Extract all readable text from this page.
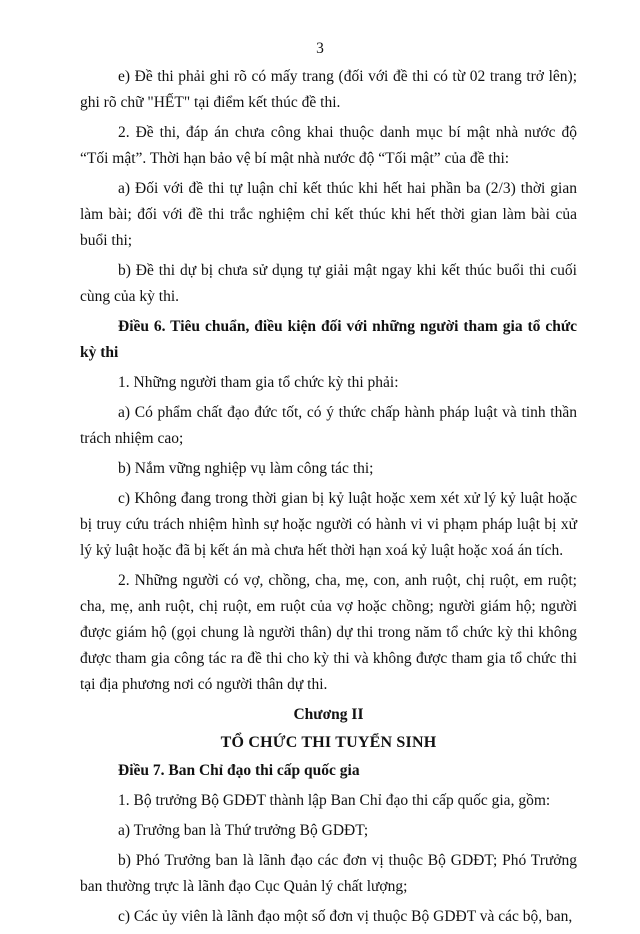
3

e) Đề thi phải ghi rõ có mấy trang (đối với đề thi có từ 02 trang trở lên); ghi rõ chữ "HẾT" tại điểm kết thúc đề thi.

2. Đề thi, đáp án chưa công khai thuộc danh mục bí mật nhà nước độ “Tối mật”. Thời hạn bảo vệ bí mật nhà nước độ “Tối mật” của đề thi:

a) Đối với đề thi tự luận chỉ kết thúc khi hết hai phần ba (2/3) thời gian làm bài; đối với đề thi trắc nghiệm chỉ kết thúc khi hết thời gian làm bài của buổi thi;

b) Đề thi dự bị chưa sử dụng tự giải mật ngay khi kết thúc buổi thi cuối cùng của kỳ thi.

Điều 6. Tiêu chuẩn, điều kiện đối với những người tham gia tổ chức kỳ thi

1. Những người tham gia tổ chức kỳ thi phải:

a) Có phẩm chất đạo đức tốt, có ý thức chấp hành pháp luật và tinh thần trách nhiệm cao;

b) Nắm vững nghiệp vụ làm công tác thi;

c) Không đang trong thời gian bị kỷ luật hoặc xem xét xử lý kỷ luật hoặc bị truy cứu trách nhiệm hình sự hoặc người có hành vi vi phạm pháp luật bị xử lý kỷ luật hoặc đã bị kết án mà chưa hết thời hạn xoá kỷ luật hoặc xoá án tích.

2. Những người có vợ, chồng, cha, mẹ, con, anh ruột, chị ruột, em ruột; cha, mẹ, anh ruột, chị ruột, em ruột của vợ hoặc chồng; người giám hộ; người được giám hộ (gọi chung là người thân) dự thi trong năm tổ chức kỳ thi không được tham gia công tác ra đề thi cho kỳ thi và không được tham gia tổ chức thi tại địa phương nơi có người thân dự thi.

Chương II

TỔ CHỨC THI TUYỂN SINH

Điều 7. Ban Chỉ đạo thi cấp quốc gia

1. Bộ trưởng Bộ GDĐT thành lập Ban Chỉ đạo thi cấp quốc gia, gồm:

a) Trưởng ban là Thứ trưởng Bộ GDĐT;

b) Phó Trưởng ban là lãnh đạo các đơn vị thuộc Bộ GDĐT; Phó Trưởng ban thường trực là lãnh đạo Cục Quản lý chất lượng;

c) Các ủy viên là lãnh đạo một số đơn vị thuộc Bộ GDĐT và các bộ, ban,
